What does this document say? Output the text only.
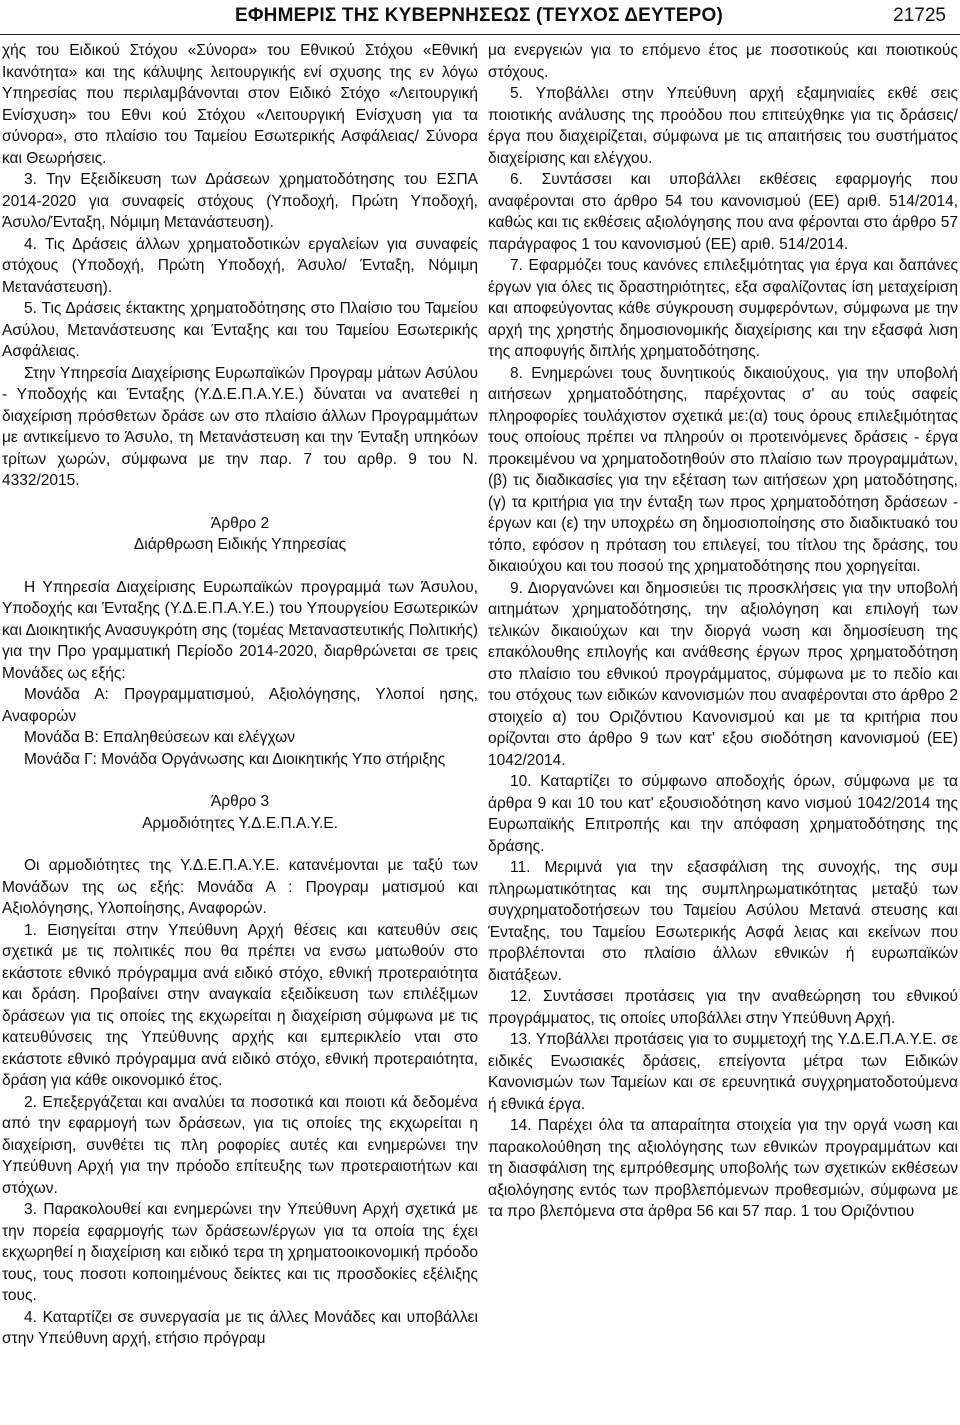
ΕΦΗΜΕΡΙΣ ΤΗΣ ΚΥΒΕΡΝΗΣΕΩΣ (ΤΕΥΧΟΣ ΔΕΥΤΕΡΟ)	21725

χής του Ειδικού Στόχου «Σύνορα» του Εθνικού Στόχου «Εθνική Ικανότητα» και της κάλυψης λειτουργικής ενί σχυσης της εν λόγω Υπηρεσίας που περιλαμβάνονται στον Ειδικό Στόχο «Λειτουργική Ενίσχυση» του Εθνι κού Στόχου «Λειτουργική Ενίσχυση για τα σύνορα», στο πλαίσιο του Ταμείου Εσωτερικής Ασφάλειας/ Σύνορα και Θεωρήσεις.

3. Την Εξειδίκευση των Δράσεων χρηματοδότησης του ΕΣΠΑ 2014-2020 για συναφείς στόχους (Υποδοχή, Πρώτη Υποδοχή, Άσυλο/Ένταξη, Νόμιμη Μετανάστευση).

4. Τις Δράσεις άλλων χρηματοδοτικών εργαλείων για συναφείς στόχους (Υποδοχή, Πρώτη Υποδοχή, Άσυλο/ Ένταξη, Νόμιμη Μετανάστευση).

5. Τις Δράσεις έκτακτης χρηματοδότησης στο Πλαίσιο του Ταμείου Ασύλου, Μετανάστευσης και Ένταξης και του Ταμείου Εσωτερικής Ασφάλειας.

Στην Υπηρεσία Διαχείρισης Ευρωπαϊκών Προγραμ μάτων Ασύλου - Υποδοχής και Ένταξης (Υ.Δ.Ε.Π.Α.Υ.Ε.) δύναται να ανατεθεί η διαχείριση πρόσθετων δράσε ων στο πλαίσιο άλλων Προγραμμάτων με αντικείμενο το Άσυλο, τη Μετανάστευση και την Ένταξη υπηκόων τρίτων χωρών, σύμφωνα με την παρ. 7 του αρθρ. 9 του Ν. 4332/2015.

Άρθρο 2

Διάρθρωση Ειδικής Υπηρεσίας

Η Υπηρεσία Διαχείρισης Ευρωπαϊκών προγραμμά των Άσυλου, Υποδοχής και Ένταξης (Υ.Δ.Ε.Π.Α.Υ.Ε.) του Υπουργείου Εσωτερικών και Διοικητικής Ανασυγκρότη σης (τομέας Μεταναστευτικής Πολιτικής) για την Προ γραμματική Περίοδο 2014-2020, διαρθρώνεται σε τρεις Μονάδες ως εξής:

Μονάδα Α: Προγραμματισμού, Αξιολόγησης, Υλοποί ησης, Αναφορών

Μονάδα Β: Επαληθεύσεων και ελέγχων

Μονάδα Γ: Μονάδα Οργάνωσης και Διοικητικής Υπο στήριξης

Άρθρο 3

Αρμοδιότητες Υ.Δ.Ε.Π.Α.Υ.Ε.

Οι αρμοδιότητες της Υ.Δ.Ε.Π.Α.Υ.Ε. κατανέμονται με ταξύ των Μονάδων της ως εξής: Μονάδα Α : Προγραμ ματισμού και Αξιολόγησης, Υλοποίησης, Αναφορών.

1. Εισηγείται στην Υπεύθυνη Αρχή θέσεις και κατευθύν σεις σχετικά με τις πολιτικές που θα πρέπει να ενσω ματωθούν στο εκάστοτε εθνικό πρόγραμμα ανά ειδικό στόχο, εθνική προτεραιότητα και δράση. Προβαίνει στην αναγκαία εξειδίκευση των επιλέξιμων δράσεων για τις οποίες της εκχωρείται η διαχείριση σύμφωνα με τις κατευθύνσεις της Υπεύθυνης αρχής και εμπερικλείο νται στο εκάστοτε εθνικό πρόγραμμα ανά ειδικό στόχο, εθνική προτεραιότητα, δράση για κάθε οικονομικό έτος.

2. Επεξεργάζεται και αναλύει τα ποσοτικά και ποιοτι κά δεδομένα από την εφαρμογή των δράσεων, για τις οποίες της εκχωρείται η διαχείριση, συνθέτει τις πλη ροφορίες αυτές και ενημερώνει την Υπεύθυνη Αρχή για την πρόοδο επίτευξης των προτεραιοτήτων και στόχων.

3. Παρακολουθεί και ενημερώνει την Υπεύθυνη Αρχή σχετικά με την πορεία εφαρμογής των δράσεων/έργων για τα οποία της έχει εκχωρηθεί η διαχείριση και ειδικό τερα τη χρηματοοικονομική πρόοδο τους, τους ποσοτι κοποιημένους δείκτες και τις προσδοκίες εξέλιξης τους.

4. Καταρτίζει σε συνεργασία με τις άλλες Μονάδες και υποβάλλει στην Υπεύθυνη αρχή, ετήσιο πρόγραμ

μα ενεργειών για το επόμενο έτος με ποσοτικούς και ποιοτικούς στόχους.

5. Υποβάλλει στην Υπεύθυνη αρχή εξαμηνιαίες εκθέ σεις ποιοτικής ανάλυσης της προόδου που επιτεύχθηκε για τις δράσεις/έργα που διαχειρίζεται, σύμφωνα με τις απαιτήσεις του συστήματος διαχείρισης και ελέγχου.

6. Συντάσσει και υποβάλλει εκθέσεις εφαρμογής που αναφέρονται στο άρθρο 54 του κανονισμού (ΕΕ) αριθ. 514/2014, καθώς και τις εκθέσεις αξιολόγησης που ανα φέρονται στο άρθρο 57 παράγραφος 1 του κανονισμού (ΕΕ) αριθ. 514/2014.

7. Εφαρμόζει τους κανόνες επιλεξιμότητας για έργα και δαπάνες έργων για όλες τις δραστηριότητες, εξα σφαλίζοντας ίση μεταχείριση και αποφεύγοντας κάθε σύγκρουση συμφερόντων, σύμφωνα με την αρχή της χρηστής δημοσιονομικής διαχείρισης και την εξασφά λιση της αποφυγής διπλής χρηματοδότησης.

8. Ενημερώνει τους δυνητικούς δικαιούχους, για την υποβολή αιτήσεων χρηματοδότησης, παρέχοντας σ' αυ τούς σαφείς πληροφορίες τουλάχιστον σχετικά με:(α) τους όρους επιλεξιμότητας τους οποίους πρέπει να πληρούν οι προτεινόμενες δράσεις - έργα προκειμένου να χρηματοδοτηθούν στο πλαίσιο των προγραμμάτων, (β) τις διαδικασίες για την εξέταση των αιτήσεων χρη ματοδότησης, (γ) τα κριτήρια για την ένταξη των προς χρηματοδότηση δράσεων - έργων και (ε) την υποχρέω ση δημοσιοποίησης στο διαδικτυακό του τόπο, εφόσον η πρόταση του επιλεγεί, του τίτλου της δράσης, του δικαιούχου και του ποσού της χρηματοδότησης που χορηγείται.

9. Διοργανώνει και δημοσιεύει τις προσκλήσεις για την υποβολή αιτημάτων χρηματοδότησης, την αξιολόγηση και επιλογή των τελικών δικαιούχων και την διοργά νωση και δημοσίευση της επακόλουθης επιλογής και ανάθεσης έργων προς χρηματοδότηση στο πλαίσιο του εθνικού προγράμματος, σύμφωνα με το πεδίο και του στόχους των ειδικών κανονισμών που αναφέρονται στο άρθρο 2 στοιχείο α) του Οριζόντιου Κανονισμού και με τα κριτήρια που ορίζονται στο άρθρο 9 των κατ' εξου σιοδότηση κανονισμού (ΕΕ) 1042/2014.

10. Καταρτίζει το σύμφωνο αποδοχής όρων, σύμφωνα με τα άρθρα 9 και 10 του κατ' εξουσιοδότηση κανο νισμού 1042/2014 της Ευρωπαϊκής Επιτροπής και την απόφαση χρηματοδότησης της δράσης.

11. Μεριμνά για την εξασφάλιση της συνοχής, της συμ πληρωματικότητας και της συμπληρωματικότητας μεταξύ των συγχρηματοδοτήσεων του Ταμείου Ασύλου Μετανά στευσης και Ένταξης, του Ταμείου Εσωτερικής Ασφά λειας και εκείνων που προβλέπονται στο πλαίσιο άλλων εθνικών ή ευρωπαϊκών διατάξεων.

12. Συντάσσει προτάσεις για την αναθεώρηση του εθνικού προγράμματος, τις οποίες υποβάλλει στην Υπεύθυνη Αρχή.

13. Υποβάλλει προτάσεις για το συμμετοχή της Υ.Δ.Ε.Π.Α.Υ.Ε. σε ειδικές Ενωσιακές δράσεις, επείγοντα μέτρα των Ειδικών Κανονισμών των Ταμείων και σε ερευνητικά συγχρηματοδοτούμενα ή εθνικά έργα.

14. Παρέχει όλα τα απαραίτητα στοιχεία για την οργά νωση και παρακολούθηση της αξιολόγησης των εθνικών προγραμμάτων και τη διασφάλιση της εμπρόθεσμης υποβολής των σχετικών εκθέσεων αξιολόγησης εντός των προβλεπόμενων προθεσμιών, σύμφωνα με τα προ βλεπόμενα στα άρθρα 56 και 57 παρ. 1 του Οριζόντιου
